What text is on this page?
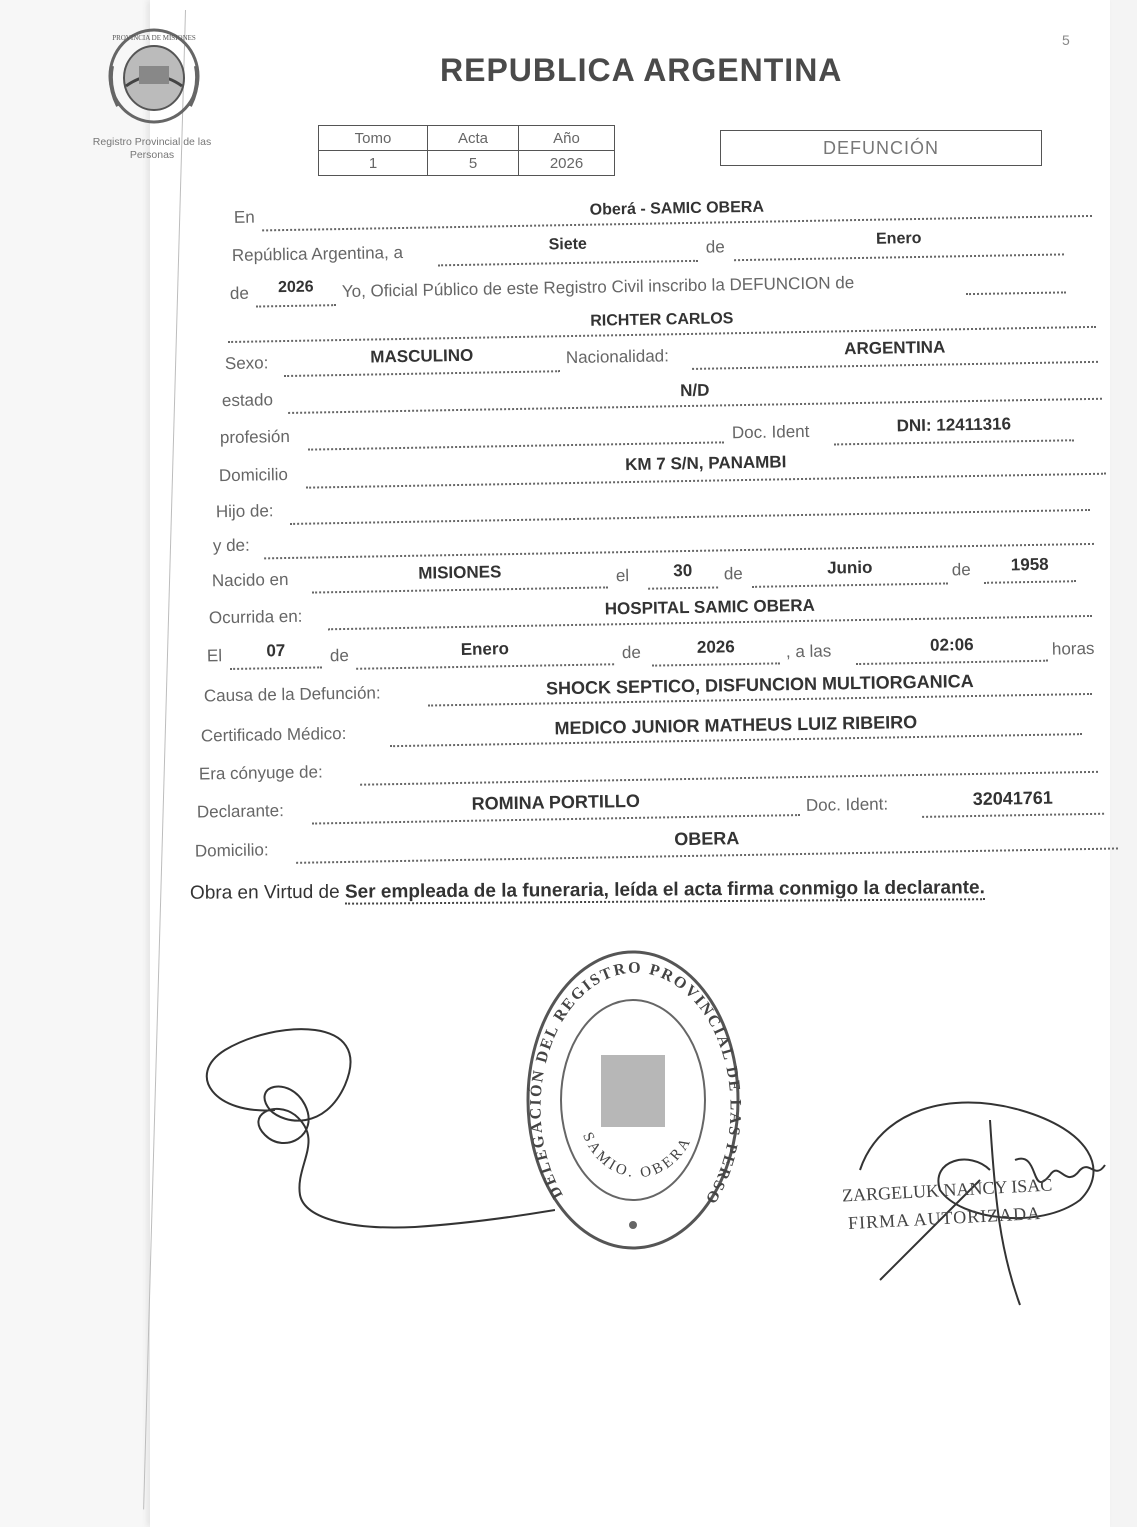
PROVINCIA DE MISIONES
Registro Provincial de las Personas
REPUBLICA ARGENTINA
5
Tomo	Acta	Año
1	5	2026
DEFUNCIÓN
En	Oberá - SAMIC OBERA
República Argentina, a	Siete	de	Enero
de	2026	Yo, Oficial Público de este Registro Civil inscribo la DEFUNCION de
RICHTER CARLOS
Sexo:	MASCULINO	Nacionalidad:	ARGENTINA
estado	N/D
profesión	Doc. Ident	DNI: 12411316
Domicilio
KM 7 S/N, PANAMBI
Hijo de:
y de:
Nacido en	MISIONES	el	30	de	Junio	de	1958
Ocurrida en:	HOSPITAL SAMIC OBERA
El	07	de	Enero	de	2026	, a las	02:06	horas
Causa de la Defunción:	SHOCK SEPTICO, DISFUNCION MULTIORGANICA
Certificado Médico:	MEDICO JUNIOR MATHEUS LUIZ RIBEIRO
Era cónyuge de:
Declarante:	ROMINA PORTILLO	Doc. Ident:	32041761
Domicilio:
OBERA
Obra en Virtud de Ser empleada de la funeraria, leída el acta firma conmigo la declarante.
DELEGACIÓN DEL REGISTRO PROVINCIAL DE LAS PERSO
SAMIO. OBERA
ZARGELUK NANCY ISAC
FIRMA AUTORIZADA
